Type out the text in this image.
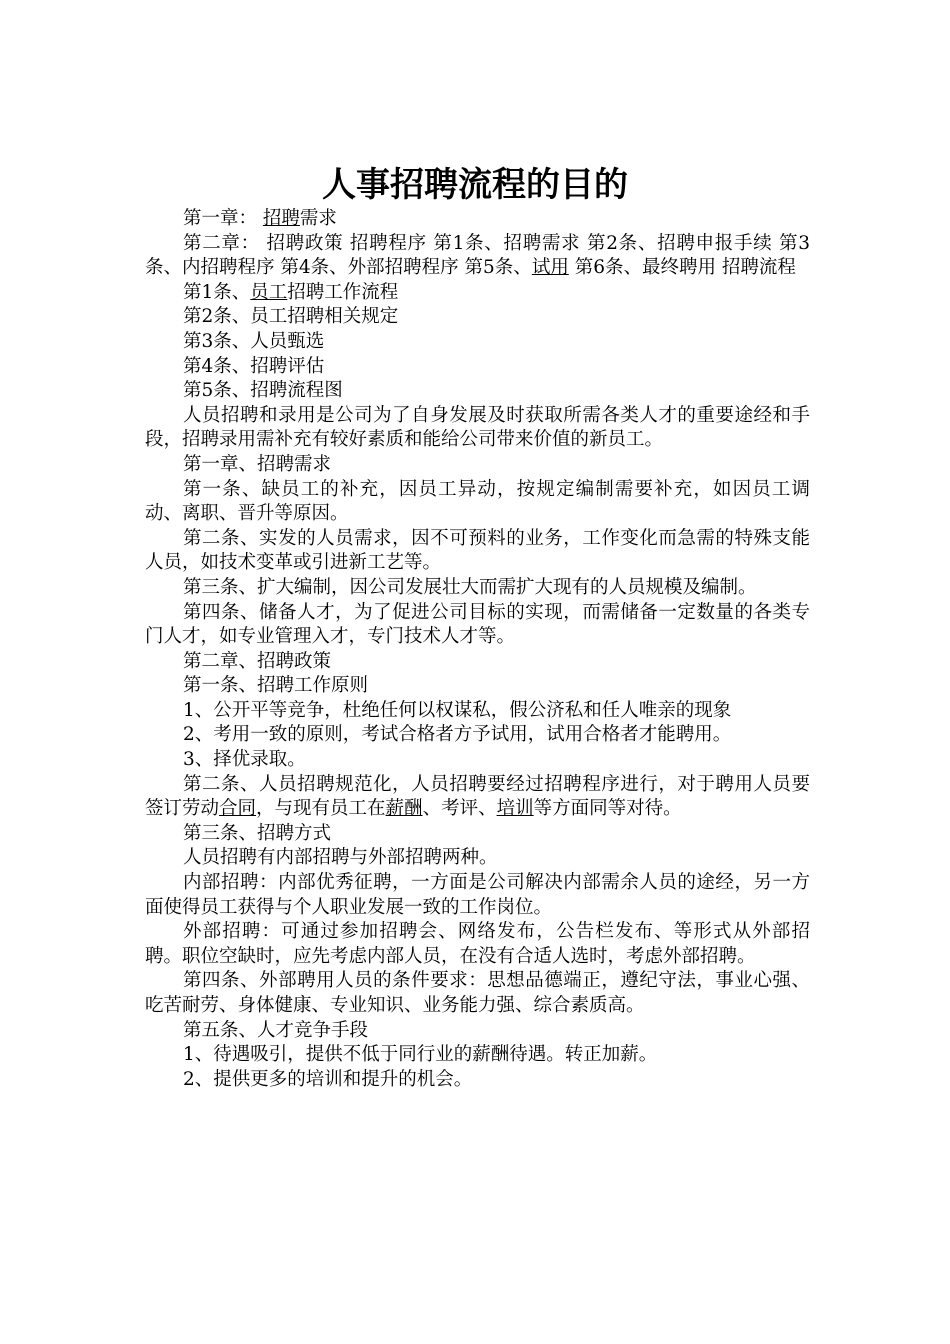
人事招聘流程的目的

第一章： 招聘需求

第二章： 招聘政策 招聘程序 第1条、招聘需求 第2条、招聘申报手续 第3条、内招聘程序 第4条、外部招聘程序 第5条、试用 第6条、最终聘用 招聘流程

第1条、员工招聘工作流程

第2条、员工招聘相关规定

第3条、人员甄选

第4条、招聘评估

第5条、招聘流程图

人员招聘和录用是公司为了自身发展及时获取所需各类人才的重要途经和手段，招聘录用需补充有较好素质和能给公司带来价值的新员工。

第一章、招聘需求

第一条、缺员工的补充，因员工异动，按规定编制需要补充，如因员工调动、离职、晋升等原因。

第二条、实发的人员需求，因不可预料的业务，工作变化而急需的特殊支能人员，如技术变革或引进新工艺等。

第三条、扩大编制，因公司发展壮大而需扩大现有的人员规模及编制。

第四条、储备人才，为了促进公司目标的实现，而需储备一定数量的各类专门人才，如专业管理入才，专门技术人才等。

第二章、招聘政策

第一条、招聘工作原则

1、公开平等竞争，杜绝任何以权谋私，假公济私和任人唯亲的现象

2、考用一致的原则，考试合格者方予试用，试用合格者才能聘用。

3、择优录取。

第二条、人员招聘规范化，人员招聘要经过招聘程序进行，对于聘用人员要签订劳动合同，与现有员工在薪酬、考评、培训等方面同等对待。

第三条、招聘方式

人员招聘有内部招聘与外部招聘两种。

内部招聘：内部优秀征聘，一方面是公司解决内部需余人员的途经，另一方面使得员工获得与个人职业发展一致的工作岗位。

外部招聘：可通过参加招聘会、网络发布，公告栏发布、等形式从外部招聘。职位空缺时，应先考虑内部人员，在没有合适人选时，考虑外部招聘。

第四条、外部聘用人员的条件要求：思想品德端正，遵纪守法，事业心强、吃苦耐劳、身体健康、专业知识、业务能力强、综合素质高。

第五条、人才竞争手段

1、待遇吸引，提供不低于同行业的薪酬待遇。转正加薪。

2、提供更多的培训和提升的机会。
